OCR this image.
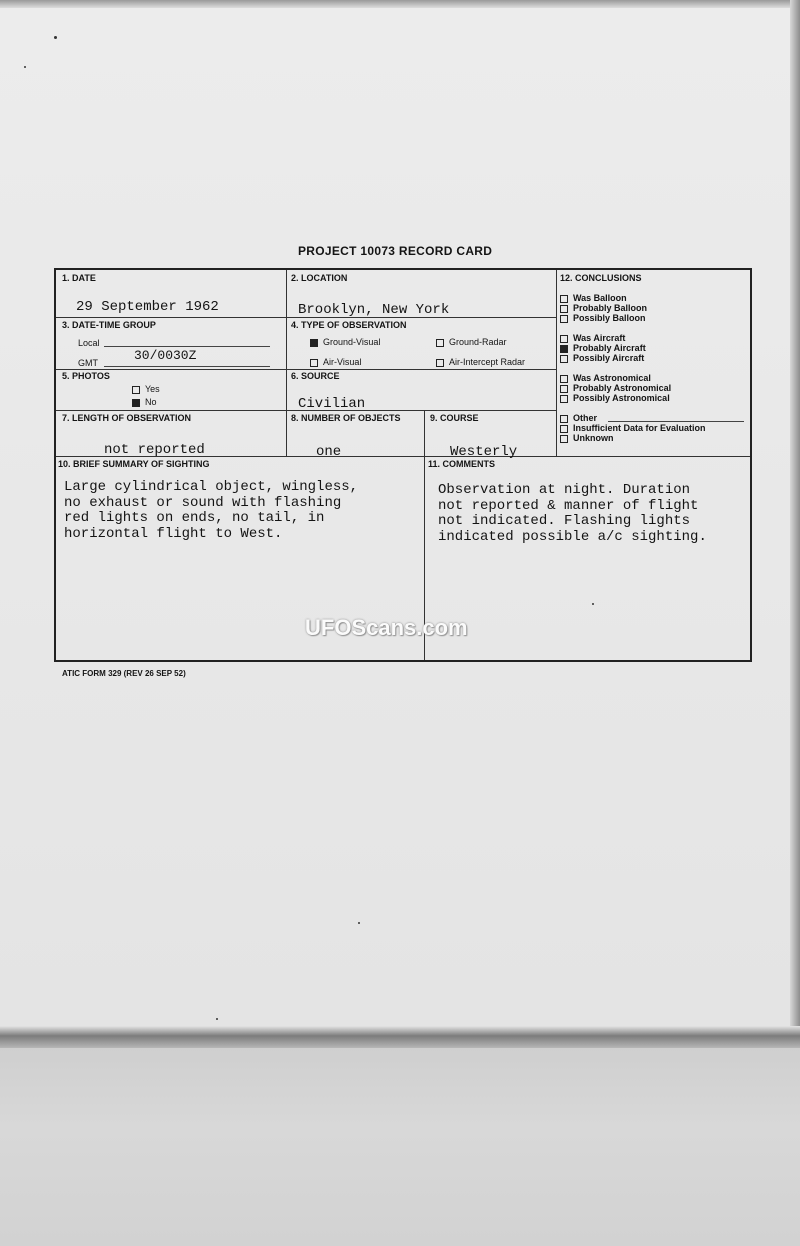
PROJECT 10073 RECORD CARD
1. DATE
29 September 1962
2. LOCATION
Brooklyn, New York
3. DATE-TIME GROUP
Local
GMT	30/0030Z
4. TYPE OF OBSERVATION
Ground-Visual	Ground-Radar
Air-Visual	Air-Intercept Radar
5. PHOTOS
Yes
No
6. SOURCE
Civilian
7. LENGTH OF OBSERVATION
not reported
8. NUMBER OF OBJECTS
one
9. COURSE
Westerly
10. BRIEF SUMMARY OF SIGHTING
Large cylindrical object, wingless,
no exhaust or sound with flashing
red lights on ends, no tail, in
horizontal flight to West.
11. COMMENTS
Observation at night. Duration
not reported & manner of flight
not indicated. Flashing lights
indicated possible a/c sighting.
12. CONCLUSIONS
Was Balloon
Probably Balloon
Possibly Balloon
Was Aircraft
Probably Aircraft
Possibly Aircraft
Was Astronomical
Probably Astronomical
Possibly Astronomical
Other
Insufficient Data for Evaluation
Unknown
UFOScans.com
ATIC FORM 329 (REV 26 SEP 52)
